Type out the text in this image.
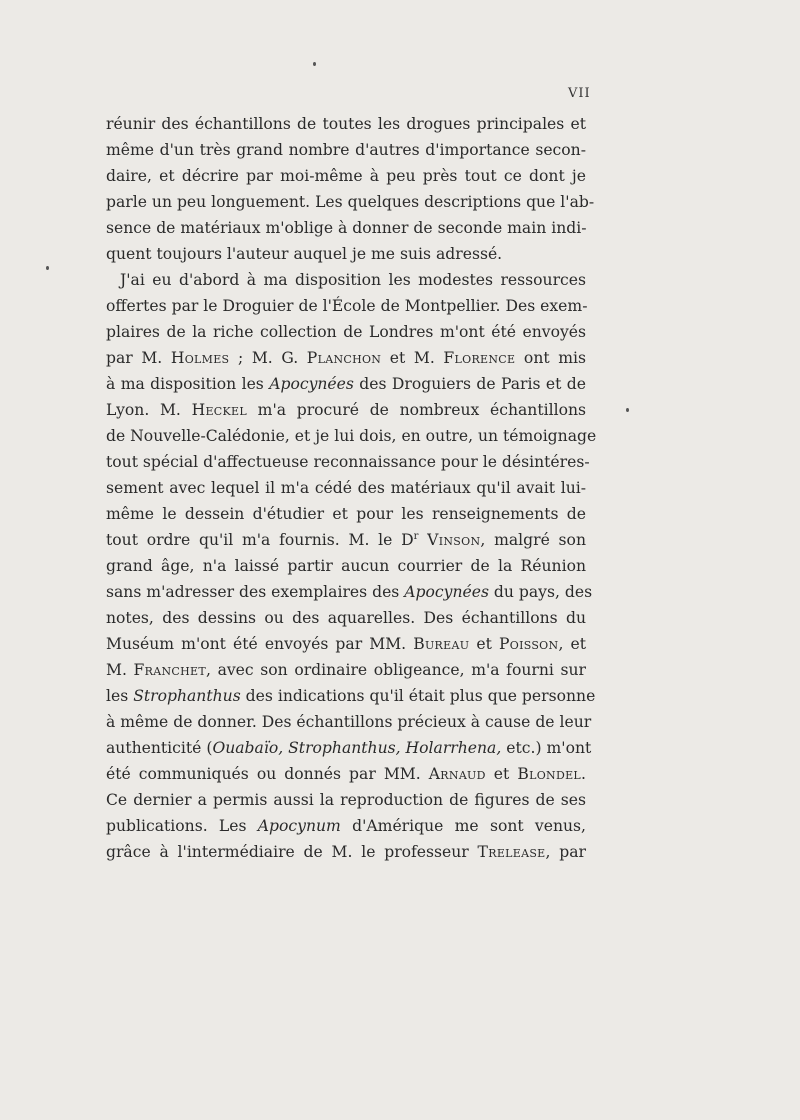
VII
réunir des échantillons de toutes les drogues principales et
même d'un très grand nombre d'autres d'importance secon-
daire, et décrire par moi-même à peu près tout ce dont je
parle un peu longuement. Les quelques descriptions que l'ab-
sence de matériaux m'oblige à donner de seconde main indi-
quent toujours l'auteur auquel je me suis adressé.
J'ai eu d'abord à ma disposition les modestes ressources
offertes par le Droguier de l'École de Montpellier. Des exem-
plaires de la riche collection de Londres m'ont été envoyés
par M. Holmes ; M. G. Planchon et M. Florence ont mis
à ma disposition les Apocynées des Droguiers de Paris et de
Lyon. M. Heckel m'a procuré de nombreux échantillons
de Nouvelle-Calédonie, et je lui dois, en outre, un témoignage
tout spécial d'affectueuse reconnaissance pour le désintéres-
sement avec lequel il m'a cédé des matériaux qu'il avait lui-
même le dessein d'étudier et pour les renseignements de
tout ordre qu'il m'a fournis. M. le $D^r$ Vinson, malgré son
grand âge, n'a laissé partir aucun courrier de la Réunion
sans m'adresser des exemplaires des Apocynées du pays, des
notes, des dessins ou des aquarelles. Des échantillons du
Muséum m'ont été envoyés par MM. Bureau et Poisson, et
M. Franchet, avec son ordinaire obligeance, m'a fourni sur
les Strophanthus des indications qu'il était plus que personne
à même de donner. Des échantillons précieux à cause de leur
authenticité (Ouabaïo, Strophanthus, Holarrhena, etc.) m'ont
été communiqués ou donnés par MM. Arnaud et Blondel.
Ce dernier a permis aussi la reproduction de figures de ses
publications. Les Apocynum d'Amérique me sont venus,
grâce à l'intermédiaire de M. le professeur Trelease, par
